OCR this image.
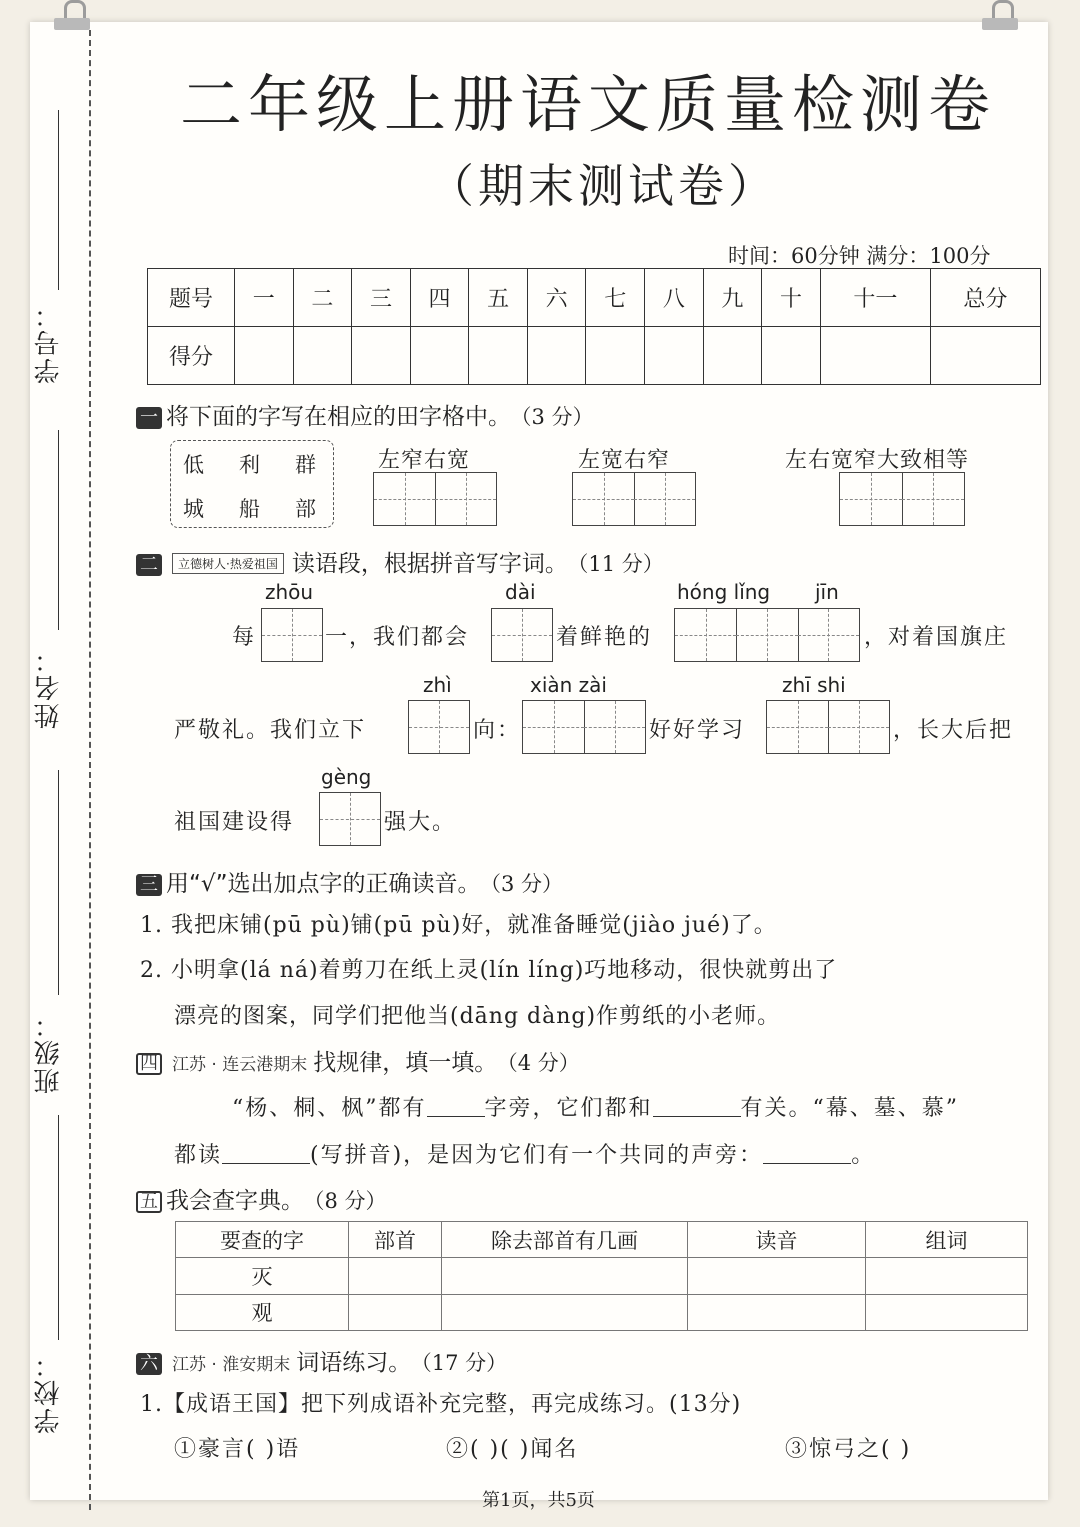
学号：
姓名：
班级：
学校：
二年级上册语文质量检测卷
（期末测试卷）
时间：60分钟 满分：100分
题号	一	二	三	四	五	六	七	八	九	十	十一	总分
得分												
一 将下面的字写在相应的田字格中。 （3 分）
低 利 群
城 船 部
左窄右宽	左宽右窄	左右宽窄大致相等
二 立德树人·热爱祖国 读语段，根据拼音写字词。 （11 分）
zhōu	dài	hóng lǐng jīn
每	一，我们都会	着鲜艳的	，对着国旗庄
zhì	xiàn zài	zhī shi
严敬礼。我们立下	向：	好好学习	，长大后把
gèng
祖国建设得	强大。
三 用“√”选出加点字的正确读音。 （3 分）
1. 我把床铺(pū pù)铺(pū pù)好，就准备睡觉(jiào jué)了。
2. 小明拿(lá ná)着剪刀在纸上灵(lín líng)巧地移动，很快就剪出了
漂亮的图案，同学们把他当(dāng dàng)作剪纸的小老师。
四 江苏 · 连云港期末 找规律，填一填。 （4 分）
“杨、桐、枫”都有	字旁，它们都和	有关。“幕、墓、慕”
都读	(写拼音)，是因为它们有一个共同的声旁：	。
五 我会查字典。 （8 分）
要查的字	部首	除去部首有几画	读音	组词
灭				
观				
六 江苏 · 淮安期末 词语练习。 （17 分）
1.【成语王国】把下列成语补充完整，再完成练习。(13分)
①豪言( )语	②( )( )闻名	③惊弓之( )
第1页，共5页
